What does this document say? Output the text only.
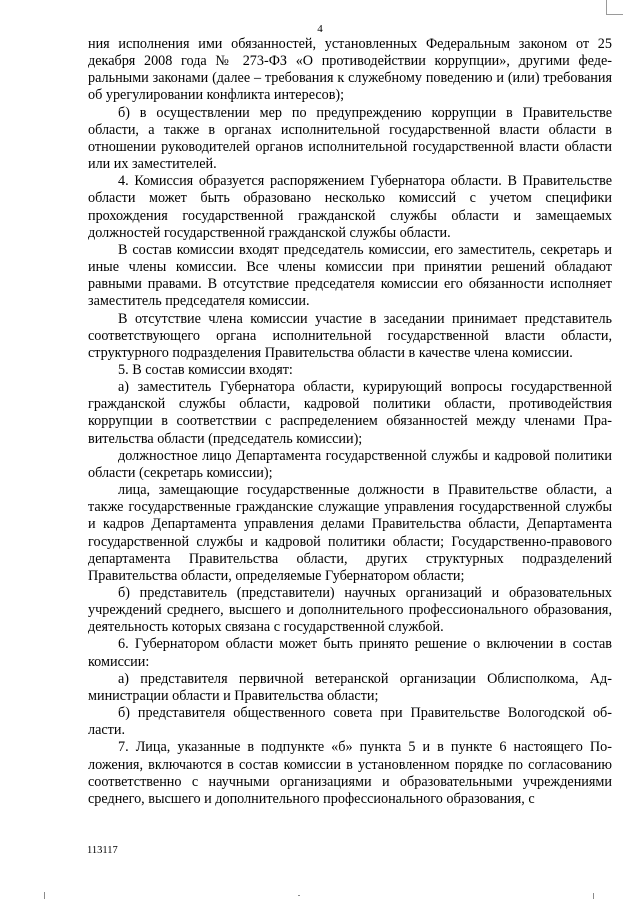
4

ния исполнения ими обязанностей, установленных Федеральным законом от 25 декабря 2008 года № 273-ФЗ «О противодействии коррупции», другими федеральными законами (далее – требования к служебному поведению и (или) требования об урегулировании конфликта интересов);

б) в осуществлении мер по предупреждению коррупции в Правительстве области, а также в органах исполнительной государственной власти области в отношении руководителей органов исполнительной государственной власти области или их заместителей.

4. Комиссия образуется распоряжением Губернатора области. В Правительстве области может быть образовано несколько комиссий с учетом специфики прохождения государственной гражданской службы области и замещаемых должностей государственной гражданской службы области.

В состав комиссии входят председатель комиссии, его заместитель, секретарь и иные члены комиссии. Все члены комиссии при принятии решений обладают равными правами. В отсутствие председателя комиссии его обязанности исполняет заместитель председателя комиссии.

В отсутствие члена комиссии участие в заседании принимает представитель соответствующего органа исполнительной государственной власти области, структурного подразделения Правительства области в качестве члена комиссии.

5. В состав комиссии входят:

а) заместитель Губернатора области, курирующий вопросы государственной гражданской службы области, кадровой политики области, противодействия коррупции в соответствии с распределением обязанностей между членами Правительства области (председатель комиссии);

должностное лицо Департамента государственной службы и кадровой политики области (секретарь комиссии);

лица, замещающие государственные должности в Правительстве области, а также государственные гражданские служащие управления государственной службы и кадров Департамента управления делами Правительства области, Департамента государственной службы и кадровой политики области; Государственно-правового департамента Правительства области, других структурных подразделений Правительства области, определяемые Губернатором области;

б) представитель (представители) научных организаций и образовательных учреждений среднего, высшего и дополнительного профессионального образования, деятельность которых связана с государственной службой.

6. Губернатором области может быть принято решение о включении в состав комиссии:

а) представителя первичной ветеранской организации Облисполкома, Администрации области и Правительства области;

б) представителя общественного совета при Правительстве Вологодской области.

7. Лица, указанные в подпункте «б» пункта 5 и в пункте 6 настоящего Положения, включаются в состав комиссии в установленном порядке по согласованию соответственно с научными организациями и образовательными учреждениями среднего, высшего и дополнительного профессионального образования, с

113117
